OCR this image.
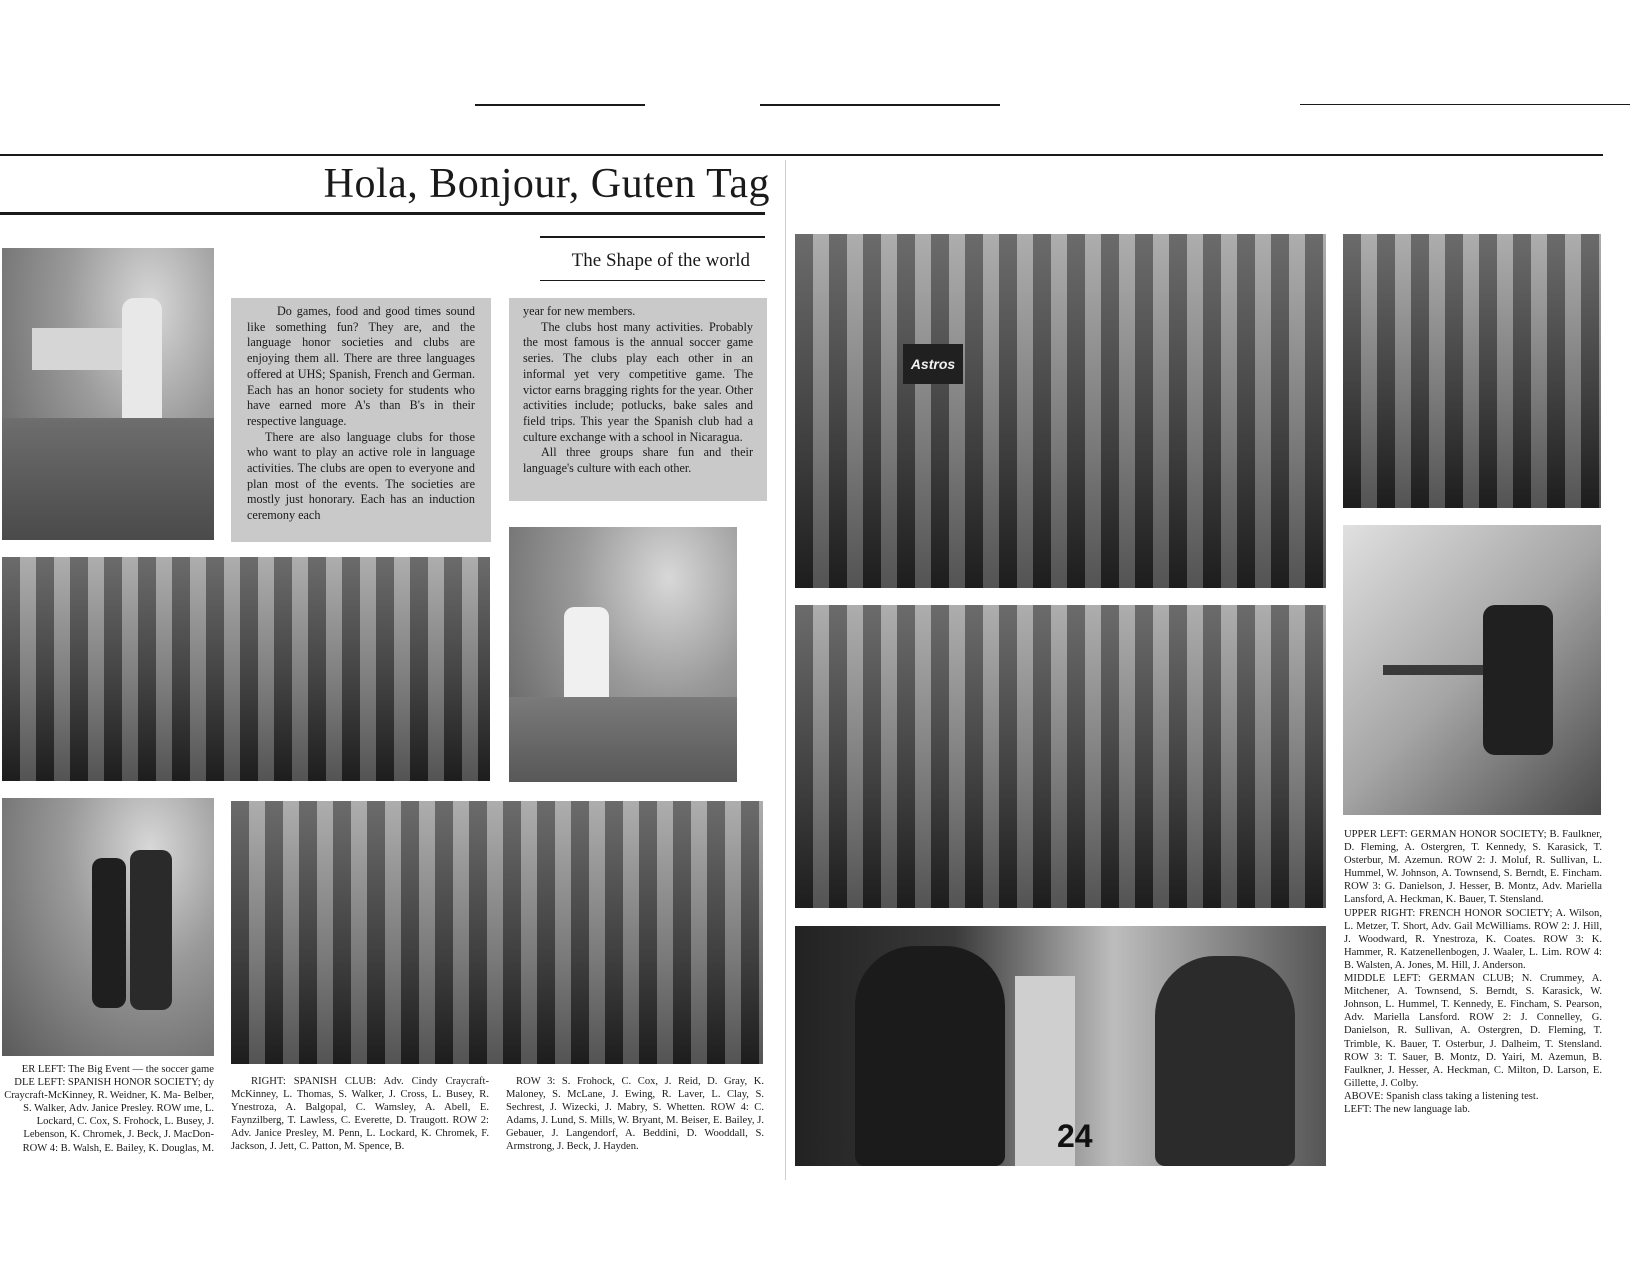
Hola, Bonjour, Guten Tag
The Shape of the world

Do games, food and good times sound like something fun? They are, and the language honor societies and clubs are enjoying them all. There are three languages offered at UHS; Spanish, French and German. Each has an honor society for students who have earned more A's than B's in their respective language.

There are also language clubs for those who want to play an active role in language activities. The clubs are open to everyone and plan most of the events. The societies are mostly just honorary. Each has an induction ceremony each

year for new members.

The clubs host many activities. Probably the most famous is the annual soccer game series. The clubs play each other in an informal yet very competitive game. The victor earns bragging rights for the year. Other activities include; potlucks, bake sales and field trips. This year the Spanish club had a culture exchange with a school in Nicaragua.

All three groups share fun and their language's culture with each other.

ER LEFT: The Big Event — the soccer game DLE LEFT: SPANISH HONOR SOCIETY; dy Craycraft-McKinney, R. Weidner, K. Ma- Belber, S. Walker, Adv. Janice Presley. ROW ıme, L. Lockard, C. Cox, S. Frohock, L. Busey, J. Lebenson, K. Chromek, J. Beck, J. MacDon- ROW 4: B. Walsh, E. Bailey, K. Douglas, M.

RIGHT: SPANISH CLUB: Adv. Cindy Craycraft-McKinney, L. Thomas, S. Walker, J. Cross, L. Busey, R. Ynestroza, A. Balgopal, C. Wamsley, A. Abell, E. Faynzilberg, T. Lawless, C. Everette, D. Traugott. ROW 2: Adv. Janice Presley, M. Penn, L. Lockard, K. Chromek, F. Jackson, J. Jett, C. Patton, M. Spence, B.

ROW 3: S. Frohock, C. Cox, J. Reid, D. Gray, K. Maloney, S. McLane, J. Ewing, R. Laver, L. Clay, S. Sechrest, J. Wizecki, J. Mabry, S. Whetten. ROW 4: C. Adams, J. Lund, S. Mills, W. Bryant, M. Beiser, E. Bailey, J. Gebauer, J. Langendorf, A. Beddini, D. Wooddall, S. Armstrong, J. Beck, J. Hayden.

Astros
24

UPPER LEFT: GERMAN HONOR SOCIETY; B. Faulkner, D. Fleming, A. Ostergren, T. Kennedy, S. Karasick, T. Osterbur, M. Azemun. ROW 2: J. Moluf, R. Sullivan, L. Hummel, W. Johnson, A. Townsend, S. Berndt, E. Fincham. ROW 3: G. Danielson, J. Hesser, B. Montz, Adv. Mariella Lansford, A. Heckman, K. Bauer, T. Stensland.

UPPER RIGHT: FRENCH HONOR SOCIETY; A. Wilson, L. Metzer, T. Short, Adv. Gail McWilliams. ROW 2: J. Hill, J. Woodward, R. Ynestroza, K. Coates. ROW 3: K. Hammer, R. Katzenellenbogen, J. Waaler, L. Lim. ROW 4: B. Walsten, A. Jones, M. Hill, J. Anderson.

MIDDLE LEFT: GERMAN CLUB; N. Crummey, A. Mitchener, A. Townsend, S. Berndt, S. Karasick, W. Johnson, L. Hummel, T. Kennedy, E. Fincham, S. Pearson, Adv. Mariella Lansford. ROW 2: J. Connelley, G. Danielson, R. Sullivan, A. Ostergren, D. Fleming, T. Trimble, K. Bauer, T. Osterbur, J. Dalheim, T. Stensland. ROW 3: T. Sauer, B. Montz, D. Yairi, M. Azemun, B. Faulkner, J. Hesser, A. Heckman, C. Milton, D. Larson, E. Gillette, J. Colby.

ABOVE: Spanish class taking a listening test.

LEFT: The new language lab.
